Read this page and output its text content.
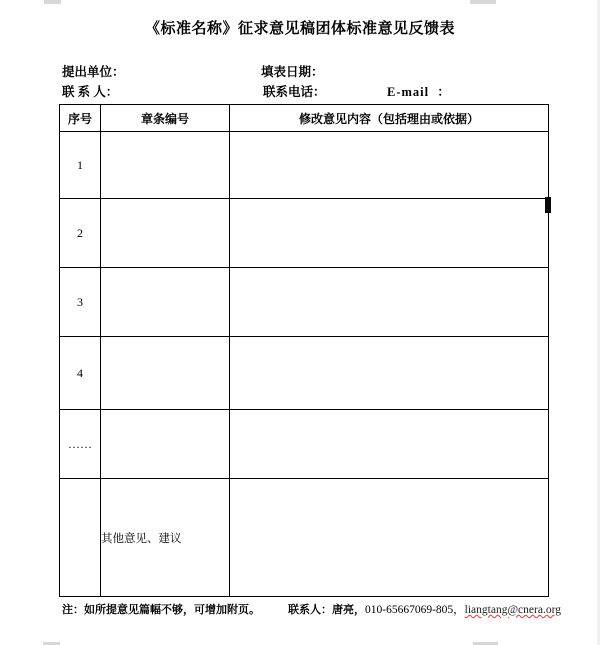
《标准名称》征求意见稿团体标准意见反馈表
提出单位：	填表日期：
联 系 人：	联系电话：	E-mail  ：
序号	章条编号	修改意见内容（包括理由或依据）
1		
2		
3		
4		
……		
	其他意见、建议	
注：如所提意见篇幅不够，可增加附页。	联系人：唐亮，010-65667069-805，liangtang@cnera.org
